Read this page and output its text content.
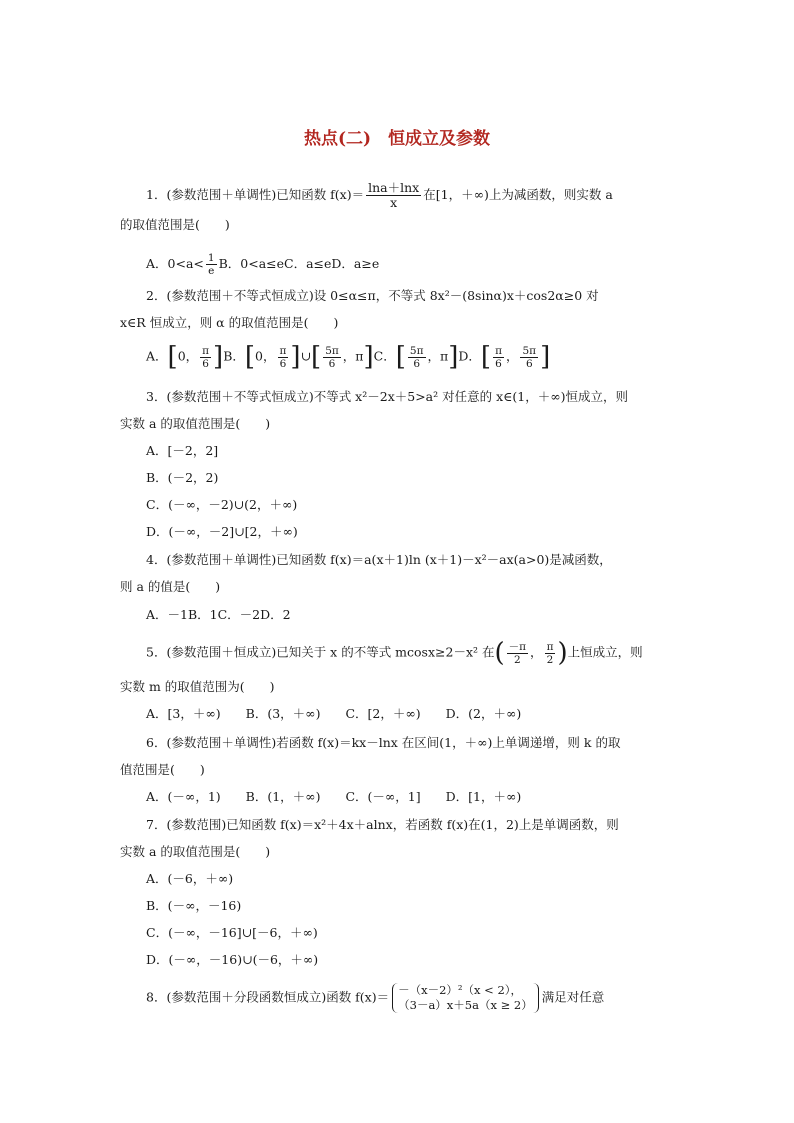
热点(二)　恒成立及参数
1．(参数范围＋单调性)已知函数 $f(x)= \frac{\ln a+\ln x}{x}$ 在[1，＋∞)上为减函数，则实数 a
的取值范围是(　　)
A．$0<a< \frac{1}{e}$ B．0<a≤eC．a≤eD．a≥e
2．(参数范围＋不等式恒成立)设 0≤α≤π，不等式 8x²－(8sinα)x＋cos2α≥0 对
x∈R 恒成立，则 α 的取值范围是(　　)
A．[0， $\frac{\pi}{6} ]B$．[0， $\frac{\pi}{6}$ ]∪[ $\frac{5\pi}{6}$ ，π]C．[ $\frac{5\pi}{6}$ ，π]D．[ $\frac{\pi}{6}$ ， $\frac{5\pi}{6}$ ]
3．(参数范围＋不等式恒成立)不等式 x²－2x＋5>a² 对任意的 x∈(1，＋∞)恒成立，则
实数 a 的取值范围是(　　)
A．[－2，2]
B．(－2，2)
C．(－∞，－2)∪(2，＋∞)
D．(－∞，－2]∪[2，＋∞)
4．(参数范围＋单调性)已知函数 f(x)＝a(x＋1)ln (x＋1)－x²－ax(a>0)是减函数，
则 a 的值是(　　)
A．－1B．1C．－2D．2
5．(参数范围＋恒成立)已知关于 x 的不等式 mcosx≥2－x² 在( $\frac{-\pi}{2}$ ， $\frac{\pi}{2}$ )上恒成立，则
实数 m 的取值范围为(　　)
A．[3，＋∞)　　B．(3，＋∞)　　C．[2，＋∞)　　D．(2，＋∞)
6．(参数范围＋单调性)若函数 f(x)＝kx－lnx 在区间(1，＋∞)上单调递增，则 k 的取
值范围是(　　)
A．(－∞，1)　　B．(1，＋∞)　　C．(－∞，1]　　D．[1，＋∞)
7．(参数范围)已知函数 f(x)＝x²＋4x＋alnx，若函数 f(x)在(1，2)上是单调函数，则
实数 a 的取值范围是(　　)
A．(－6，＋∞)
B．(－∞，－16)
C．(－∞，－16]∪[－6，＋∞)
D．(－∞，－16)∪(－6，＋∞)
8．(参数范围＋分段函数恒成立)函数 f(x)＝ －（x－2）²（x < 2），
（3－a）x＋5a（x ≥ 2）
满足对任意
